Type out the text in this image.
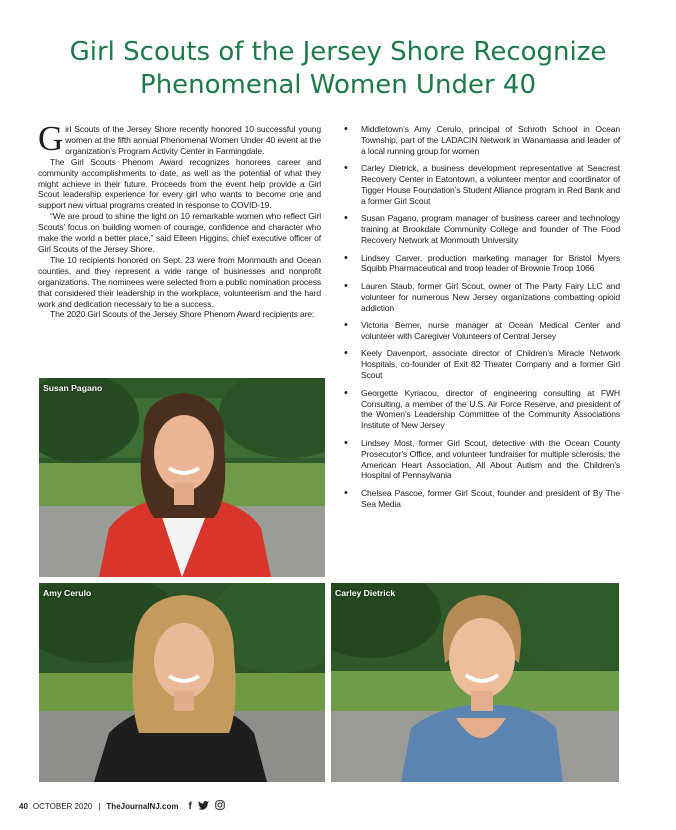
Girl Scouts of the Jersey Shore Recognize Phenomenal Women Under 40

Girl Scouts of the Jersey Shore recently honored 10 successful young women at the fifth annual Phenomenal Women Under 40 event at the organization’s Program Activity Center in Farmingdale.

The Girl Scouts Phenom Award recognizes honorees career and community accomplishments to date, as well as the potential of what they might achieve in their future. Proceeds from the event help provide a Girl Scout leadership experience for every girl who wants to become one and support new virtual programs created in response to COVID-19.

“We are proud to shine the light on 10 remarkable women who reflect Girl Scouts’ focus on building women of courage, confidence and character who make the world a better place,” said Eileen Higgins, chief executive officer of Girl Scouts of the Jersey Shore.

The 10 recipients honored on Sept. 23 were from Monmouth and Ocean counties, and they represent a wide range of businesses and nonprofit organizations. The nominees were selected from a public nomination process that considered their leadership in the workplace, volunteerism and the hard work and dedication necessary to be a success.

The 2020 Girl Scouts of the Jersey Shore Phenom Award recipients are:

• Middletown’s Amy Cerulo, principal of Schroth School in Ocean Township, part of the LADACIN Network in Wanamassa and leader of a local running group for women
• Carley Dietrick, a business development representative at Seacrest Recovery Center in Eatontown, a volunteer mentor and coordinator of Tigger House Foundation’s Student Alliance program in Red Bank and a former Girl Scout
• Susan Pagano, program manager of business career and technology training at Brookdale Community College and founder of The Food Recovery Network at Monmouth University
• Lindsey Carver, production marketing manager for Bristol Myers Squibb Pharmaceutical and troop leader of Brownie Troop 1066
• Lauren Staub, former Girl Scout, owner of The Party Fairy LLC and volunteer for numerous New Jersey organizations combatting opioid addiction
• Victoria Berner, nurse manager at Ocean Medical Center and volunteer with Caregiver Volunteers of Central Jersey
• Keely Davenport, associate director of Children’s Miracle Network Hospitals, co-founder of Exit 82 Theater Company and a former Girl Scout
• Georgette Kyriacou, director of engineering consulting at FWH Consulting, a member of the U.S. Air Force Reserve, and president of the Women’s Leadership Committee of the Community Associations Institute of New Jersey
• Lindsey Most, former Girl Scout, detective with the Ocean County Prosecutor’s Office, and volunteer fundraiser for multiple sclerosis, the American Heart Association, All About Autism and the Children’s Hospital of Pennsylvania
• Chelsea Pascoe, former Girl Scout, founder and president of By The Sea Media
Susan Pagano
Amy Cerulo	Carley Dietrick
40 OCTOBER 2020 | TheJournalNJ.com f
